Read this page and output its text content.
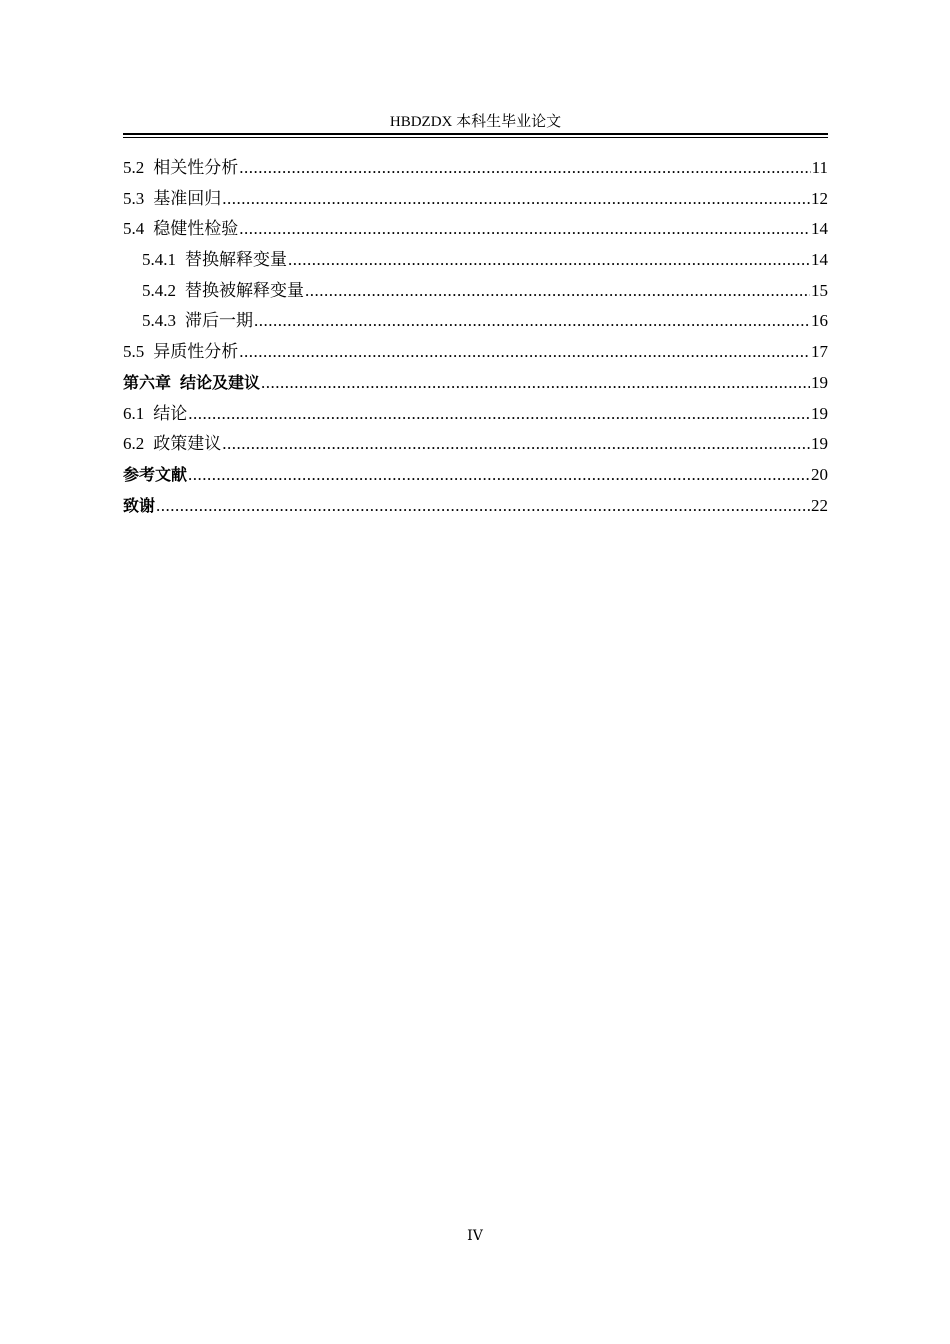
HBDZDX 本科生毕业论文
5.2 相关性分析 .....	11
5.3 基准回归 .....	12
5.4 稳健性检验 .....	14
5.4.1 替换解释变量 .....	14
5.4.2 替换被解释变量 .....	15
5.4.3 滞后一期 .....	16
5.5 异质性分析 .....	17
第六章 结论及建议 .....	19
6.1 结论 .....	19
6.2 政策建议 .....	19
参考文献 .....	20
致谢 .....	22
IV
